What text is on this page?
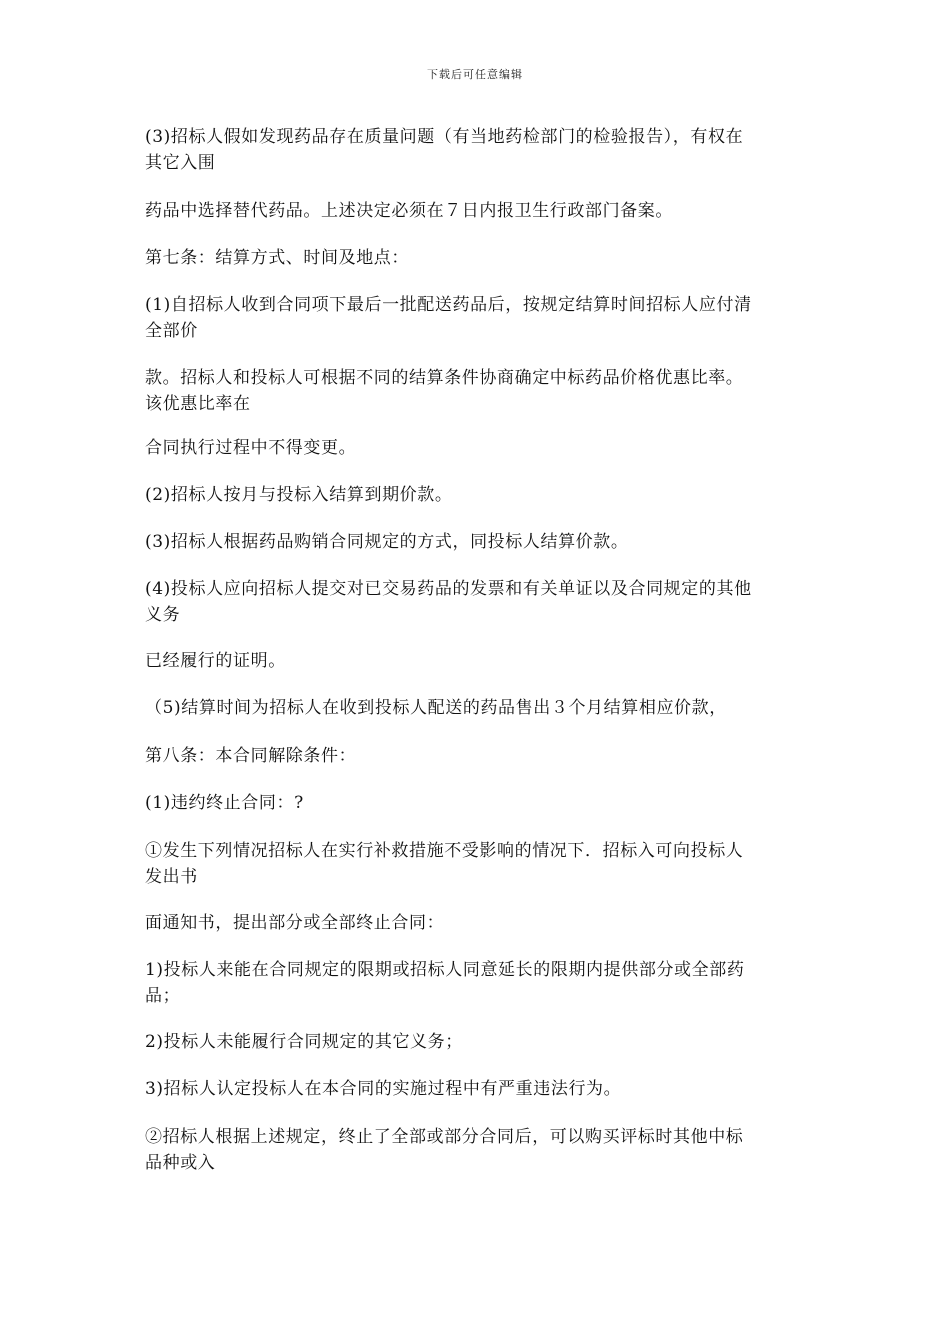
下载后可任意编辑
(3)招标人假如发现药品存在质量问题（有当地药检部门的检验报告），有权在
其它入围
药品中选择替代药品。上述决定必须在７日内报卫生行政部门备案。
第七条：结算方式、时间及地点：
(1)自招标人收到合同项下最后一批配送药品后，按规定结算时间招标人应付清
全部价
款。招标人和投标人可根据不同的结算条件协商确定中标药品价格优惠比率。
该优惠比率在
合同执行过程中不得变更。
(2)招标人按月与投标入结算到期价款。
(3)招标人根据药品购销合同规定的方式，同投标人结算价款。
(4)投标人应向招标人提交对已交易药品的发票和有关单证以及合同规定的其他
义务
已经履行的证明。
（5)结算时间为招标人在收到投标人配送的药品售出３个月结算相应价款，
第八条：本合同解除条件：
(1)违约终止合同：?
①发生下列情况招标人在实行补救措施不受影响的情况下．招标入可向投标人
发出书
面通知书，提出部分或全部终止合同：
1)投标人来能在合同规定的限期或招标人同意延长的限期内提供部分或全部药
品；
2)投标人未能履行合同规定的其它义务；
3)招标人认定投标人在本合同的实施过程中有严重违法行为。
②招标人根据上述规定，终止了全部或部分合同后，可以购买评标时其他中标
品种或入
